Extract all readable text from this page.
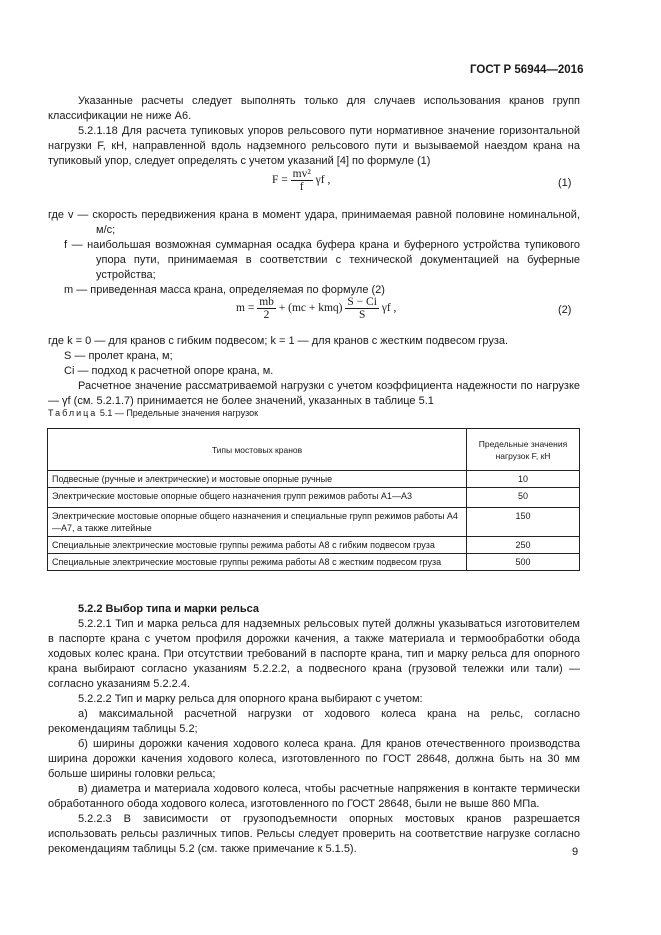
ГОСТ Р 56944—2016

Указанные расчеты следует выполнять только для случаев использования кранов групп классификации не ниже А6.

5.2.1.18 Для расчета тупиковых упоров рельсового пути нормативное значение горизонтальной нагрузки F, кН, направленной вдоль надземного рельсового пути и вызываемой наездом крана на тупиковый упор, следует определять с учетом указаний [4] по формуле (1)

$F = \frac{\text{mv²}}{f}$ γf ,	(1)

где v — скорость передвижения крана в момент удара, принимаемая равной половине номинальной, м/с;

f — наибольшая возможная суммарная осадка буфера крана и буферного устройства тупикового упора пути, принимаемая в соответствии с технической документацией на буферные устройства;

m — приведенная масса крана, определяемая по формуле (2)

$m = \frac{mb}{2} + (mc + kmq) \frac{S - Ci}{S}$ γf ,	(2)

где k = 0 — для кранов с гибким подвесом; k = 1 — для кранов с жестким подвесом груза.

S — пролет крана, м;

Ci — подход к расчетной опоре крана, м.

Расчетное значение рассматриваемой нагрузки с учетом коэффициента надежности по нагрузке — γf (см. 5.2.1.7) принимается не более значений, указанных в таблице 5.1

Таблица 5.1 — Предельные значения нагрузок
Типы мостовых кранов	Предельные значения нагрузок F, кН
Подвесные (ручные и электрические) и мостовые опорные ручные	10
Электрические мостовые опорные общего назначения групп режимов работы А1—А3	50
Электрические мостовые опорные общего назначения и специальные групп режимов работы А4—А7, а также литейные	150
Специальные электрические мостовые группы режима работы А8 с гибким подвесом груза	250
Специальные электрические мостовые группы режима работы А8 с жестким подвесом груза	500

5.2.2 Выбор типа и марки рельса

5.2.2.1 Тип и марка рельса для надземных рельсовых путей должны указываться изготовителем в паспорте крана с учетом профиля дорожки качения, а также материала и термообработки обода ходовых колес крана. При отсутствии требований в паспорте крана, тип и марку рельса для опорного крана выбирают согласно указаниям 5.2.2.2, а подвесного крана (грузовой тележки или тали) — согласно указаниям 5.2.2.4.

5.2.2.2 Тип и марку рельса для опорного крана выбирают с учетом:

а) максимальной расчетной нагрузки от ходового колеса крана на рельс, согласно рекомендациям таблицы 5.2;

б) ширины дорожки качения ходового колеса крана. Для кранов отечественного производства ширина дорожки качения ходового колеса, изготовленного по ГОСТ 28648, должна быть на 30 мм больше ширины головки рельса;

в) диаметра и материала ходового колеса, чтобы расчетные напряжения в контакте термически обработанного обода ходового колеса, изготовленного по ГОСТ 28648, были не выше 860 МПа.

5.2.2.3 В зависимости от грузоподъемности опорных мостовых кранов разрешается использовать рельсы различных типов. Рельсы следует проверить на соответствие нагрузке согласно рекомендациям таблицы 5.2 (см. также примечание к 5.1.5).	9
